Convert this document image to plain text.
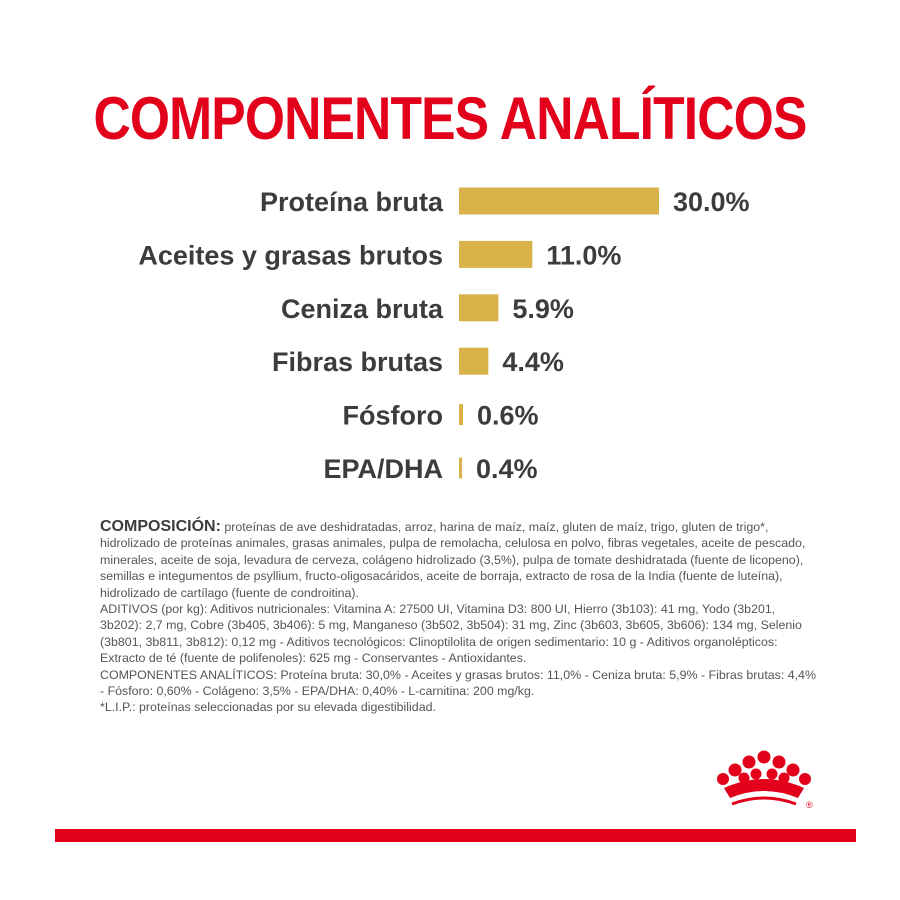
COMPONENTES ANALÍTICOS
Proteína bruta	30.0%
Aceites y grasas brutos	11.0%
Ceniza bruta	5.9%
Fibras brutas 4.4%
Fósforo 0.6%
EPA/DHA 0.4%

COMPOSICIÓN: proteínas de ave deshidratadas, arroz, harina de maíz, maíz, gluten de maíz, trigo, gluten de trigo*, hidrolizado de proteínas animales, grasas animales, pulpa de remolacha, celulosa en polvo, fibras vegetales, aceite de pescado, minerales, aceite de soja, levadura de cerveza, colágeno hidrolizado (3,5%), pulpa de tomate deshidratada (fuente de licopeno), semillas e integumentos de psyllium, fructo-oligosacáridos, aceite de borraja, extracto de rosa de la India (fuente de luteína), hidrolizado de cartílago (fuente de condroitina).

ADITIVOS (por kg): Aditivos nutricionales: Vitamina A: 27500 UI, Vitamina D3: 800 UI, Hierro (3b103): 41 mg, Yodo (3b201, 3b202): 2,7 mg, Cobre (3b405, 3b406): 5 mg, Manganeso (3b502, 3b504): 31 mg, Zinc (3b603, 3b605, 3b606): 134 mg, Selenio (3b801, 3b811, 3b812): 0,12 mg - Aditivos tecnológicos: Clinoptilolita de origen sedimentario: 10 g - Aditivos organolépticos: Extracto de té (fuente de polifenoles): 625 mg - Conservantes - Antioxidantes.

COMPONENTES ANALÍTICOS: Proteína bruta: 30,0% - Aceites y grasas brutos: 11,0% - Ceniza bruta: 5,9% - Fibras brutas: 4,4% - Fósforo: 0,60% - Colágeno: 3,5% - EPA/DHA: 0,40% - L-carnitina: 200 mg/kg.

*L.I.P.: proteínas seleccionadas por su elevada digestibilidad.

®
